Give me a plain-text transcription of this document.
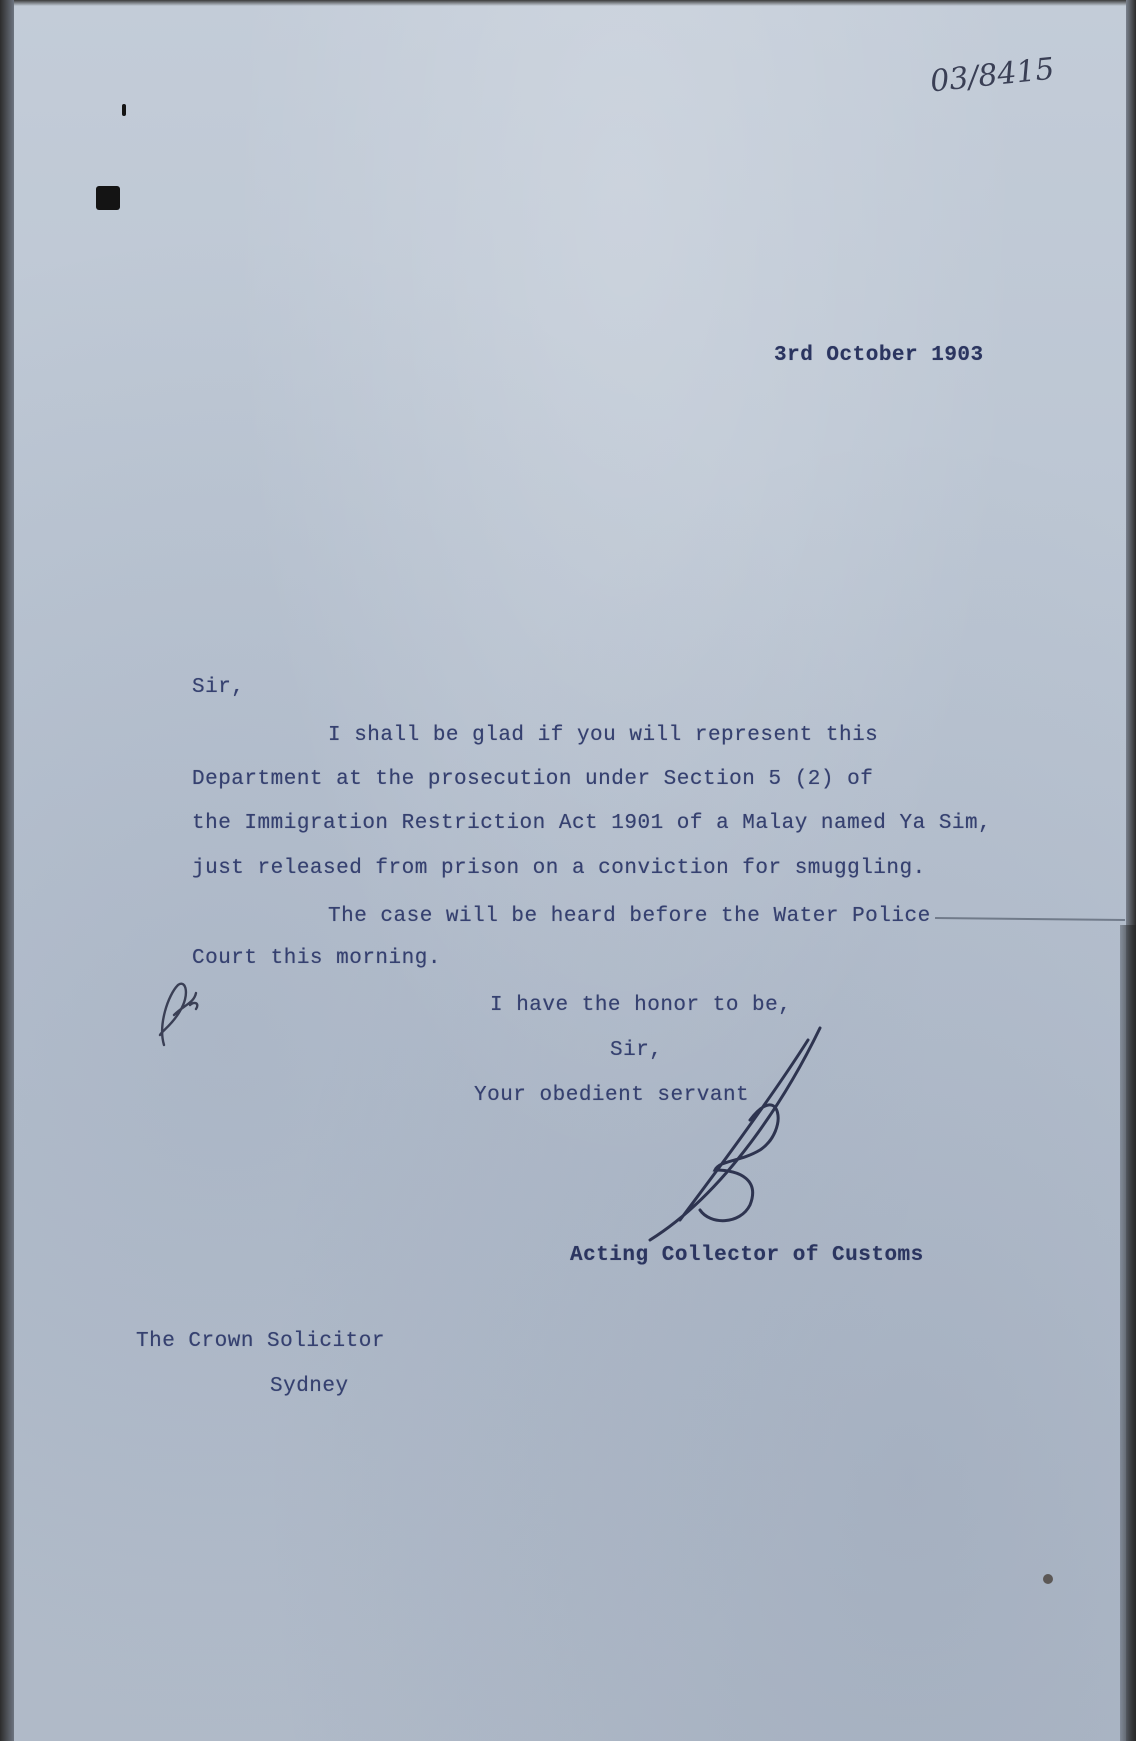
03/8415
3rd October 1903
Sir,
I shall be glad if you will represent this
Department at the prosecution under Section 5 (2) of
the Immigration Restriction Act 1901 of a Malay named Ya Sim,
just released from prison on a conviction for smuggling.
The case will be heard before the Water Police
Court this morning.
I have the honor to be,
Sir,
Your obedient servant
Acting Collector of Customs
The Crown Solicitor
Sydney
